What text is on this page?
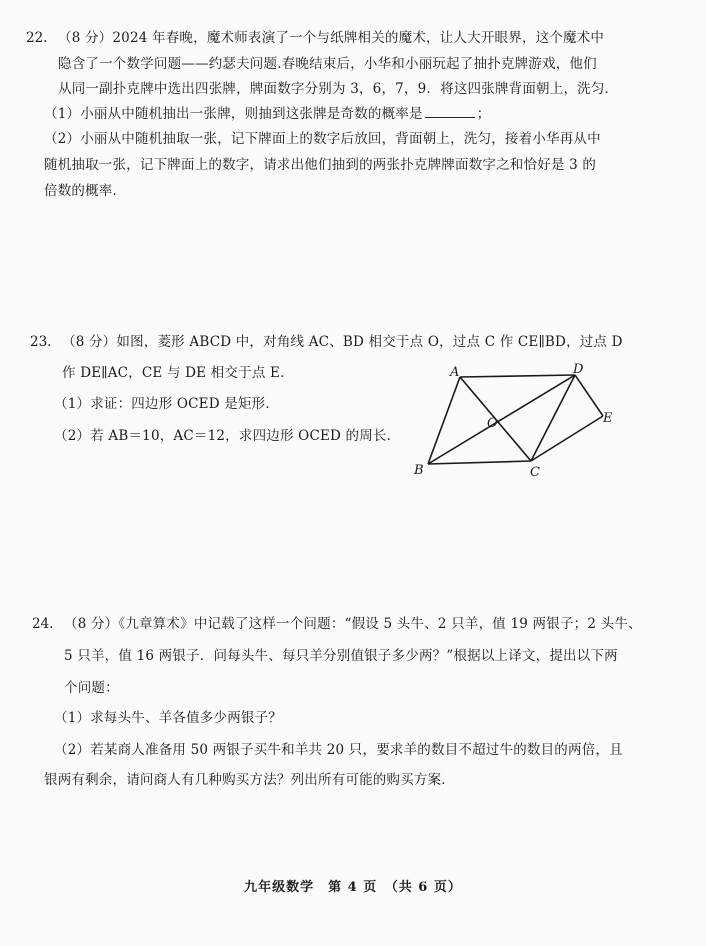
22. （8 分）2024 年春晚，魔术师表演了一个与纸牌相关的魔术，让人大开眼界，这个魔术中
隐含了一个数学问题——约瑟夫问题.春晚结束后，小华和小丽玩起了抽扑克牌游戏，他们
从同一副扑克牌中选出四张牌，牌面数字分别为 3，6，7，9．将这四张牌背面朝上，洗匀．
（1）小丽从中随机抽出一张牌，则抽到这张牌是奇数的概率是	；
（2）小丽从中随机抽取一张，记下牌面上的数字后放回，背面朝上，洗匀，接着小华再从中
随机抽取一张，记下牌面上的数字，请求出他们抽到的两张扑克牌牌面数字之和恰好是 3 的
倍数的概率．
23. （8 分）如图，菱形 ABCD 中，对角线 AC、BD 相交于点 O，过点 C 作 CE∥BD，过点 D
作 DE∥AC，CE 与 DE 相交于点 E．
（1）求证：四边形 OCED 是矩形．
（2）若 AB＝10，AC＝12，求四边形 OCED 的周长．
A	D
B	C
E
O
24. （8 分）《九章算术》中记载了这样一个问题：“假设 5 头牛、2 只羊，值 19 两银子；2 头牛、
5 只羊，值 16 两银子．问每头牛、每只羊分别值银子多少两？”根据以上译文，提出以下两
个问题：
（1）求每头牛、羊各值多少两银子？
（2）若某商人准备用 50 两银子买牛和羊共 20 只，要求羊的数目不超过牛的数目的两倍，且
银两有剩余，请问商人有几种购买方法？列出所有可能的购买方案．
九年级数学　第 4 页　（共 6 页）
